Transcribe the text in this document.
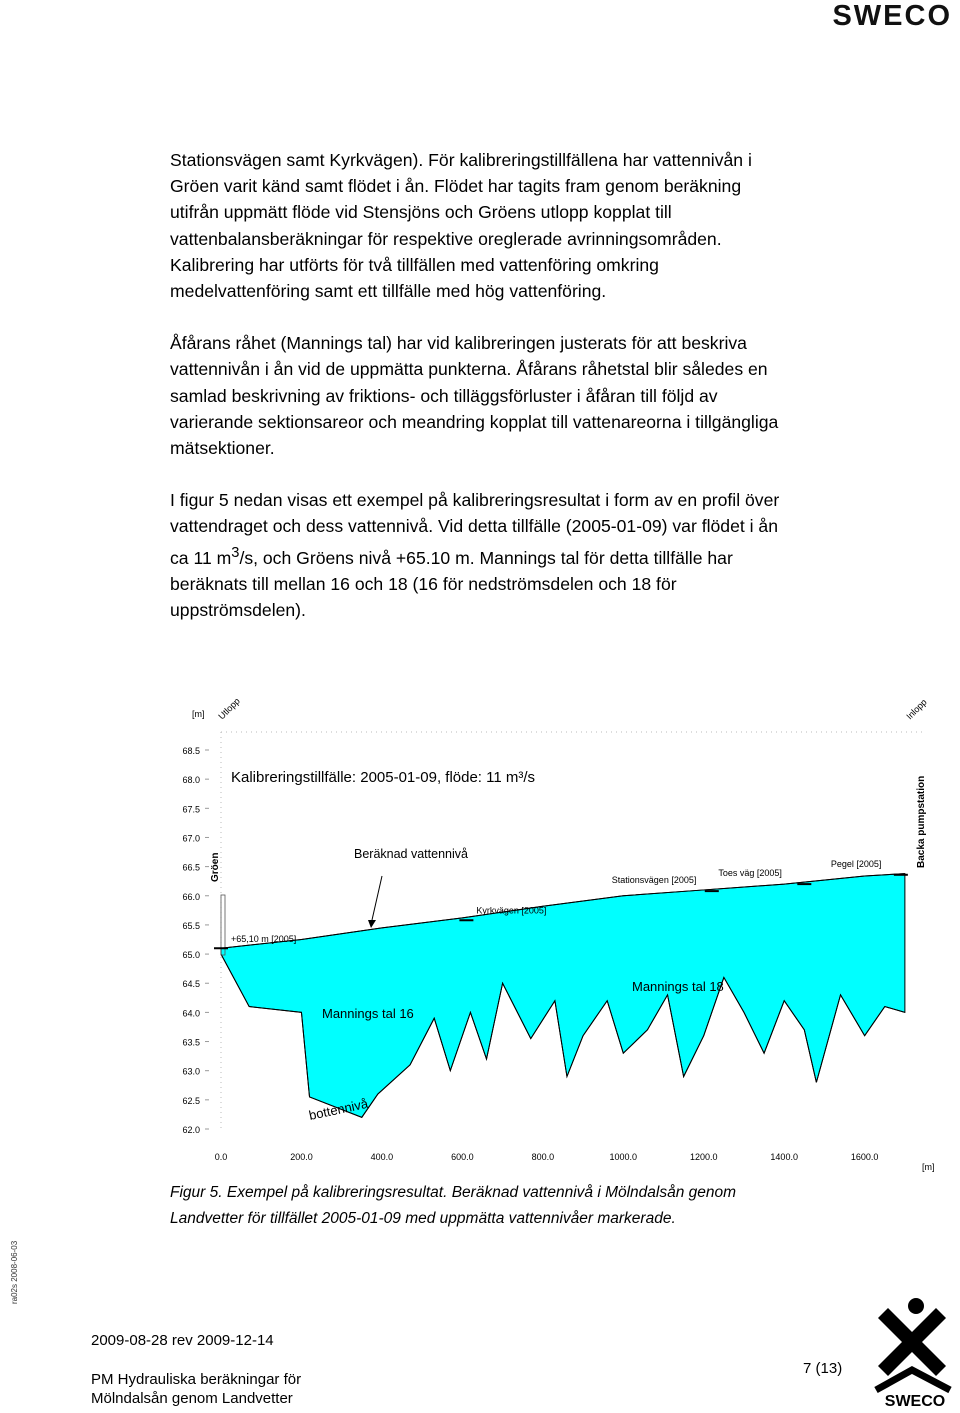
SWECO

Stationsvägen samt Kyrkvägen). För kalibreringstillfällena har vattennivån i Gröen varit känd samt flödet i ån. Flödet har tagits fram genom beräkning utifrån uppmätt flöde vid Stensjöns och Gröens utlopp kopplat till vattenbalansberäkningar för respektive oreglerade avrinningsområden. Kalibrering har utförts för två tillfällen med vattenföring omkring medelvattenföring samt ett tillfälle med hög vattenföring.

Åfårans råhet (Mannings tal) har vid kalibreringen justerats för att beskriva vattennivån i ån vid de uppmätta punkterna. Åfårans råhetstal blir således en samlad beskrivning av friktions- och tilläggsförluster i åfåran till följd av varierande sektionsareor och meandring kopplat till vattenareorna i tillgängliga mätsektioner.

I figur 5 nedan visas ett exempel på kalibreringsresultat i form av en profil över vattendraget och dess vattennivå. Vid detta tillfälle (2005-01-09) var flödet i ån ca 11 $m^3/s$, och Gröens nivå +65.10 m. Mannings tal för detta tillfälle har beräknats till mellan 16 och 18 (16 för nedströmsdelen och 18 för uppströmsdelen).

68.5
68.0
67.5
67.0
66.5
66.0
65.5
65.0
64.5
64.0
63.5
63.0
62.5
62.0
0.0	200.0	400.0	600.0	800.0	1000.0	1200.0	1400.0	1600.0
[m]
[m]
Utlopp	Inlopp
Gröen	Backa pumpstation
Kalibreringstillfälle: 2005-01-09, flöde: 11 m³/s
Beräknad vattennivå
Mannings tal 16
Mannings tal 18
bottennivå
+65,10 m [2005]
Kyrkvägen [2005]
Stationsvägen [2005]
Toes väg [2005]
Pegel [2005]
Figur 5. Exempel på kalibreringsresultat. Beräknad vattennivå i Mölndalsån genom
Landvetter för tillfället 2005-01-09 med uppmätta vattennivåer markerade.
ra02s 2008-06-03
2009-08-28 rev 2009-12-14
PM Hydrauliska beräkningar för
Mölndalsån genom Landvetter
7 (13)
SWECO
